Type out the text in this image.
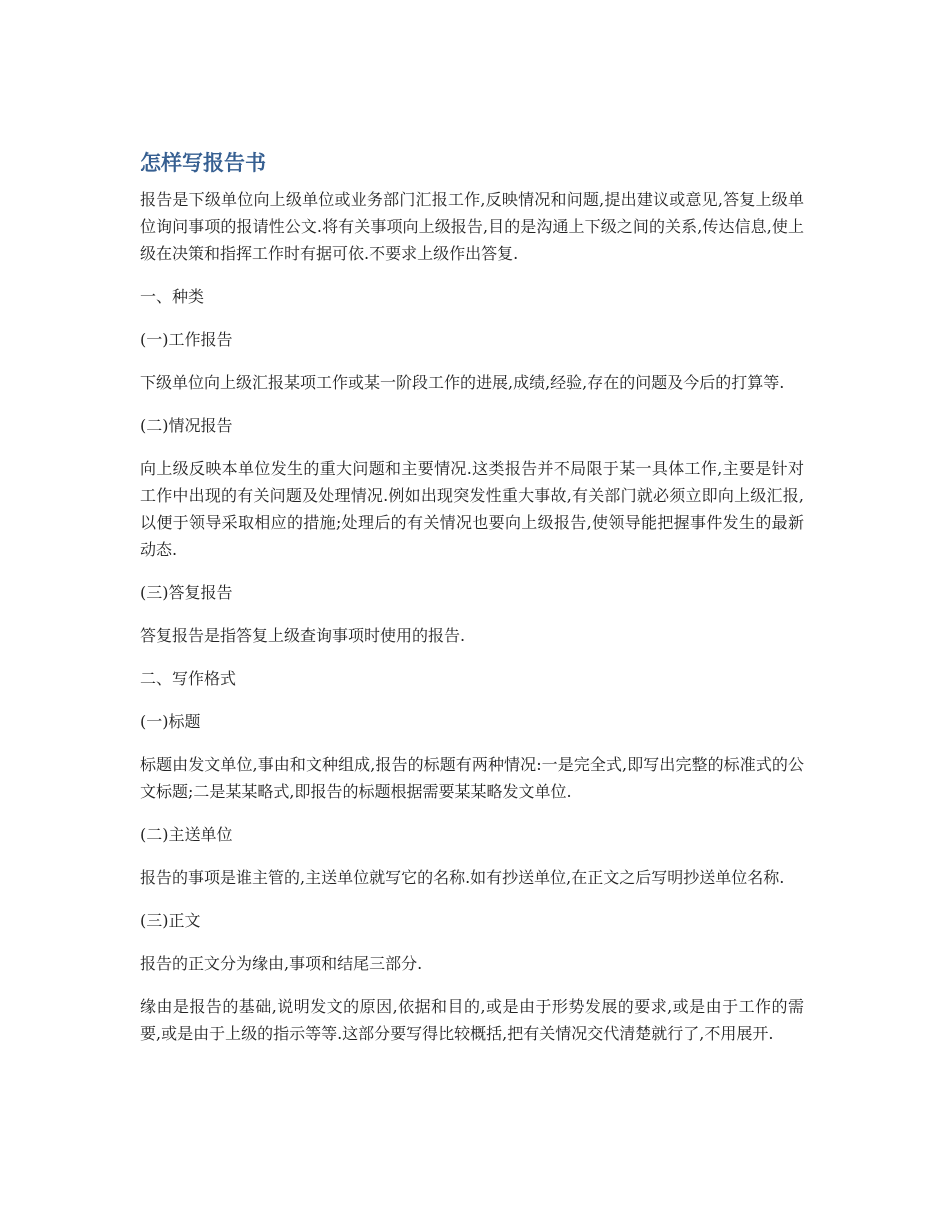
怎样写报告书

报告是下级单位向上级单位或业务部门汇报工作,反映情况和问题,提出建议或意见,答复上级单位询问事项的报请性公文.将有关事项向上级报告,目的是沟通上下级之间的关系,传达信息,使上级在决策和指挥工作时有据可依.不要求上级作出答复.

一、种类

(一)工作报告

下级单位向上级汇报某项工作或某一阶段工作的进展,成绩,经验,存在的问题及今后的打算等.

(二)情况报告

向上级反映本单位发生的重大问题和主要情况.这类报告并不局限于某一具体工作,主要是针对工作中出现的有关问题及处理情况.例如出现突发性重大事故,有关部门就必须立即向上级汇报,以便于领导采取相应的措施;处理后的有关情况也要向上级报告,使领导能把握事件发生的最新动态.

(三)答复报告

答复报告是指答复上级查询事项时使用的报告.

二、写作格式

(一)标题

标题由发文单位,事由和文种组成,报告的标题有两种情况:一是完全式,即写出完整的标准式的公文标题;二是某某略式,即报告的标题根据需要某某略发文单位.

(二)主送单位

报告的事项是谁主管的,主送单位就写它的名称.如有抄送单位,在正文之后写明抄送单位名称.

(三)正文

报告的正文分为缘由,事项和结尾三部分.

缘由是报告的基础,说明发文的原因,依据和目的,或是由于形势发展的要求,或是由于工作的需要,或是由于上级的指示等等.这部分要写得比较概括,把有关情况交代清楚就行了,不用展开.
